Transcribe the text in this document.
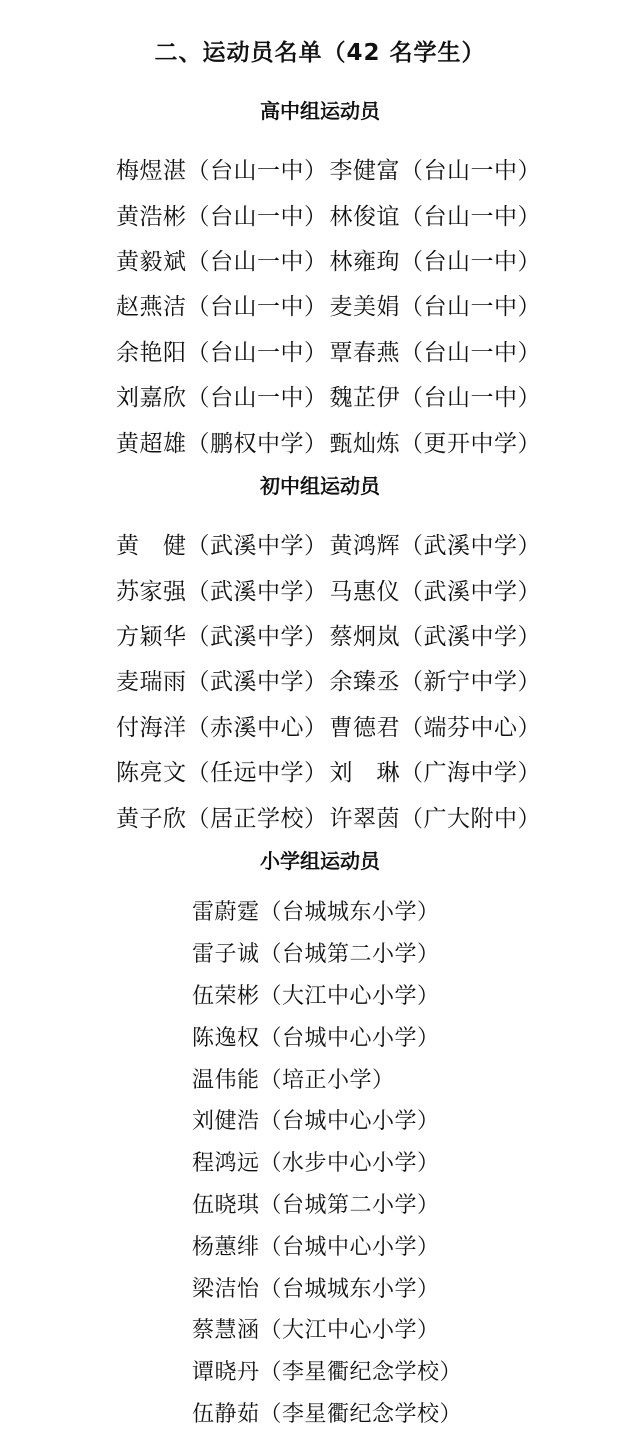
二、运动员名单（42 名学生）
高中组运动员
梅煜湛（台山一中） 李健富（台山一中）
黄浩彬（台山一中） 林俊谊（台山一中）
黄毅斌（台山一中） 林雍珣（台山一中）
赵燕洁（台山一中） 麦美娟（台山一中）
余艳阳（台山一中） 覃春燕（台山一中）
刘嘉欣（台山一中） 魏芷伊（台山一中）
黄超雄（鹏权中学） 甄灿炼（更开中学）
初中组运动员
黄　健（武溪中学） 黄鸿辉（武溪中学）
苏家强（武溪中学） 马惠仪（武溪中学）
方颖华（武溪中学） 蔡炯岚（武溪中学）
麦瑞雨（武溪中学） 余臻丞（新宁中学）
付海洋（赤溪中心） 曹德君（端芬中心）
陈亮文（任远中学） 刘　琳（广海中学）
黄子欣（居正学校） 许翠茵（广大附中）
小学组运动员
雷蔚霆（台城城东小学）
雷子诚（台城第二小学）
伍荣彬（大江中心小学）
陈逸权（台城中心小学）
温伟能（培正小学）
刘健浩（台城中心小学）
程鸿远（水步中心小学）
伍晓琪（台城第二小学）
杨蕙绯（台城中心小学）
梁洁怡（台城城东小学）
蔡慧涵（大江中心小学）
谭晓丹（李星衢纪念学校）
伍静茹（李星衢纪念学校）
